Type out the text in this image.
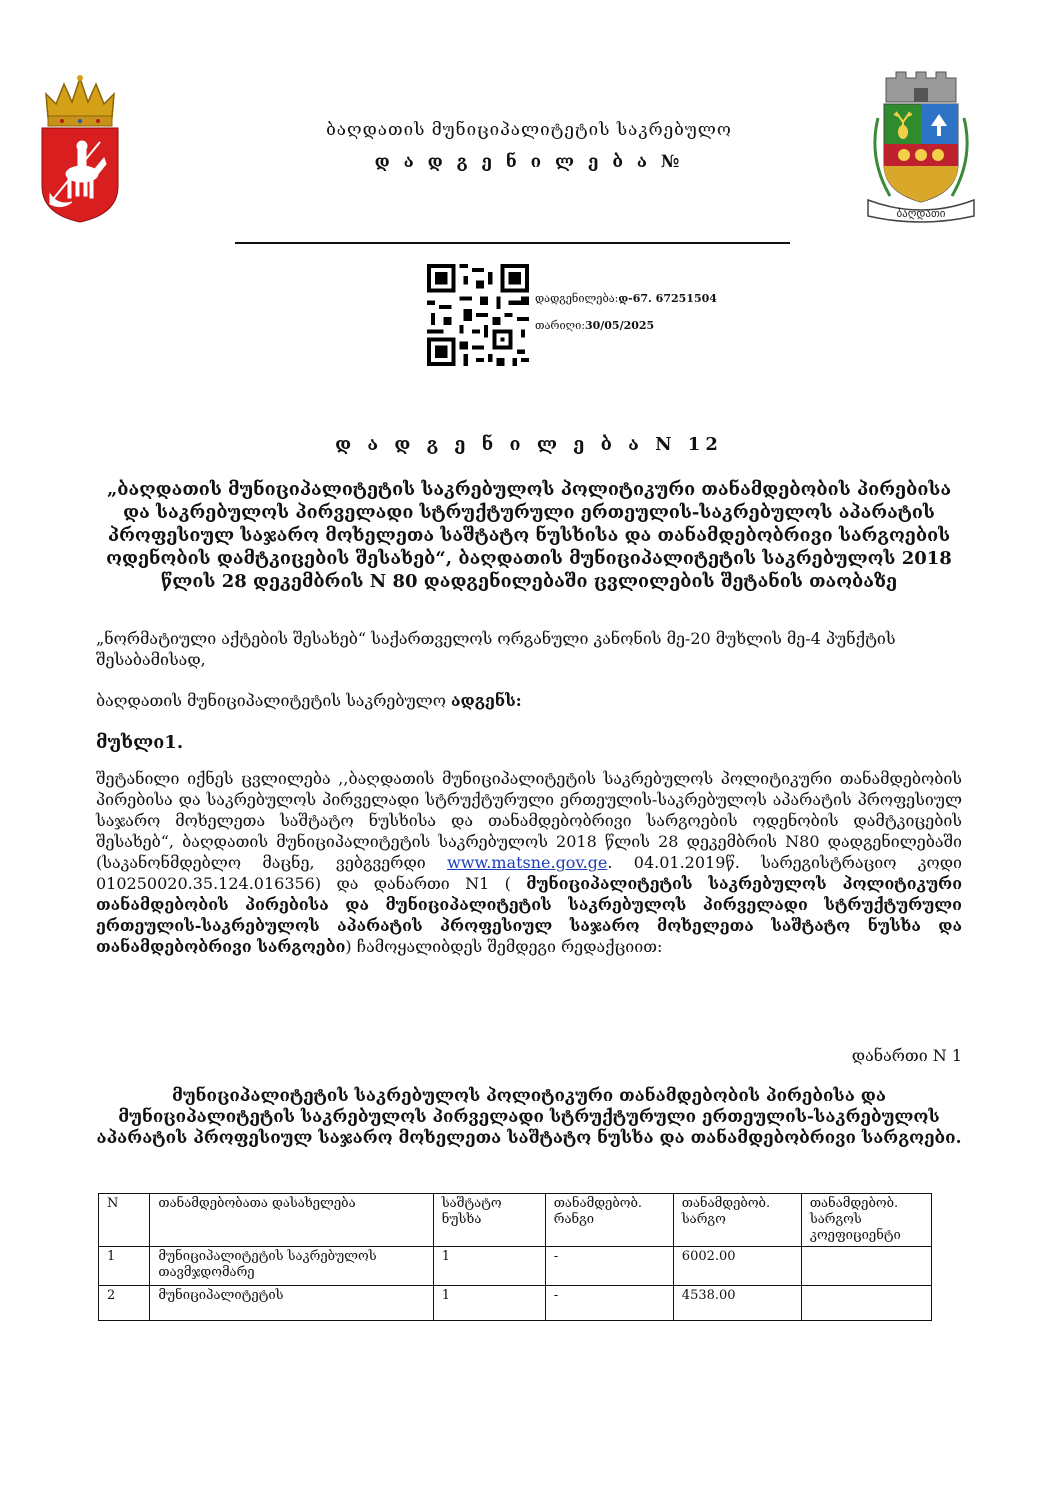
ბაღდათი
ბაღდათის მუნიციპალიტეტის საკრებულო
დ ა დ გ ე ნ ი ლ ე ბ ა №
დადგენილება:დ-67. 67251504
თარიღი:30/05/2025
დ ა დ გ ე ნ ი ლ ე ბ ა N 12
„ბაღდათის მუნიციპალიტეტის საკრებულოს პოლიტიკური თანამდებობის პირებისა და საკრებულოს პირველადი სტრუქტურული ერთეულის-საკრებულოს აპარატის პროფესიულ საჯარო მოხელეთა საშტატო ნუსხისა და თანამდებობრივი სარგოების ოდენობის დამტკიცების შესახებ“, ბაღდათის მუნიციპალიტეტის საკრებულოს 2018 წლის 28 დეკემბრის N 80 დადგენილებაში ცვლილების შეტანის თაობაზე
„ნორმატიული აქტების შესახებ“ საქართველოს ორგანული კანონის მე-20 მუხლის მე-4 პუნქტის შესაბამისად,
ბაღდათის მუნიციპალიტეტის საკრებულო ადგენს:
მუხლი1.
შეტანილი იქნეს ცვლილება ,,ბაღდათის მუნიციპალიტეტის საკრებულოს პოლიტიკური თანამდებობის პირებისა და საკრებულოს პირველადი სტრუქტურული ერთეულის-საკრებულოს აპარატის პროფესიულ საჯარო მოხელეთა საშტატო ნუსხისა და თანამდებობრივი სარგოების ოდენობის დამტკიცების შესახებ“, ბაღდათის მუნიციპალიტეტის საკრებულოს 2018 წლის 28 დეკემბრის N80 დადგენილებაში (საკანონმდებლო მაცნე, ვებგვერდი www.matsne.gov.ge. 04.01.2019წ. სარეგისტრაციო კოდი 010250020.35.124.016356) და დანართი N1 ( მუნიციპალიტეტის საკრებულოს პოლიტიკური თანამდებობის პირებისა და მუნიციპალიტეტის საკრებულოს პირველადი სტრუქტურული ერთეულის-საკრებულოს აპარატის პროფესიულ საჯარო მოხელეთა საშტატო ნუსხა და თანამდებობრივი სარგოები) ჩამოყალიბდეს შემდეგი რედაქციით:
დანართი N 1
მუნიციპალიტეტის საკრებულოს პოლიტიკური თანამდებობის პირებისა და მუნიციპალიტეტის საკრებულოს პირველადი სტრუქტურული ერთეულის-საკრებულოს აპარატის პროფესიულ საჯარო მოხელეთა საშტატო ნუსხა და თანამდებობრივი სარგოები.
N	თანამდებობათა დასახელება	საშტატო ნუსხა	თანამდებობ. რანგი	თანამდებობ. სარგო	თანამდებობ. სარგოს კოეფიციენტი
1	მუნიციპალიტეტის საკრებულოს თავმჯდომარე	1	-	6002.00	
2	მუნიციპალიტეტის	1	-	4538.00	
